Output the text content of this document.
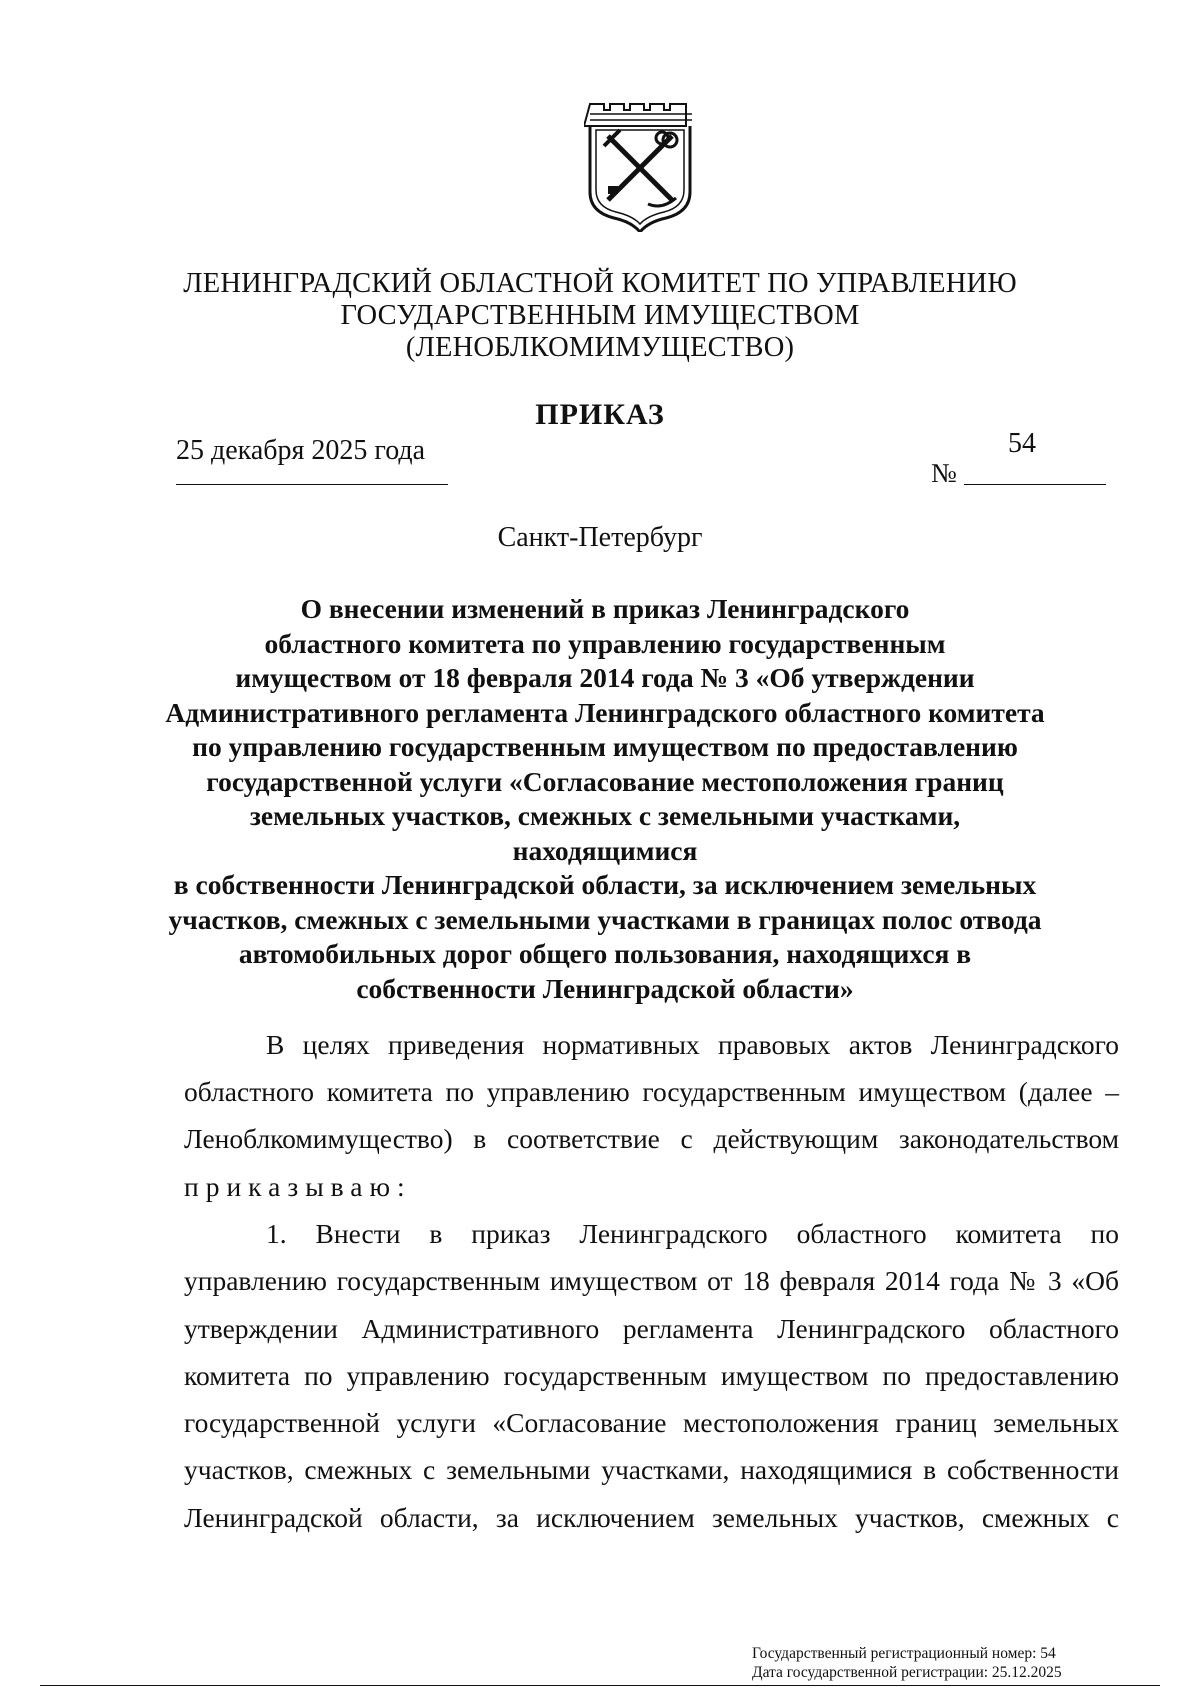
ЛЕНИНГРАДСКИЙ ОБЛАСТНОЙ КОМИТЕТ ПО УПРАВЛЕНИЮ
ГОСУДАРСТВЕННЫМ ИМУЩЕСТВОМ
(ЛЕНОБЛКОМИМУЩЕСТВО)
ПРИКАЗ
25 декабря 2025 года	54
№
Санкт-Петербург
О внесении изменений в приказ Ленинградского
областного комитета по управлению государственным
имуществом от 18 февраля 2014 года № 3 «Об утверждении
Административного регламента Ленинградского областного комитета
по управлению государственным имуществом по предоставлению
государственной услуги «Согласование местоположения границ
земельных участков, смежных с земельными участками, находящимися
в собственности Ленинградской области, за исключением земельных
участков, смежных с земельными участками в границах полос отвода
автомобильных дорог общего пользования, находящихся в
собственности Ленинградской области»
В целях приведения нормативных правовых актов Ленинградского
областного комитета по управлению государственным имуществом (далее –
Леноблкомимущество) в соответствие с действующим законодательством
приказываю:
1. Внести в приказ Ленинградского областного комитета по
управлению государственным имуществом от 18 февраля 2014 года № 3 «Об
утверждении Административного регламента Ленинградского областного
комитета по управлению государственным имуществом по предоставлению
государственной услуги «Согласование местоположения границ земельных
участков, смежных с земельными участками, находящимися в собственности
Ленинградской области, за исключением земельных участков, смежных с
Государственный регистрационный номер: 54
Дата государственной регистрации: 25.12.2025
